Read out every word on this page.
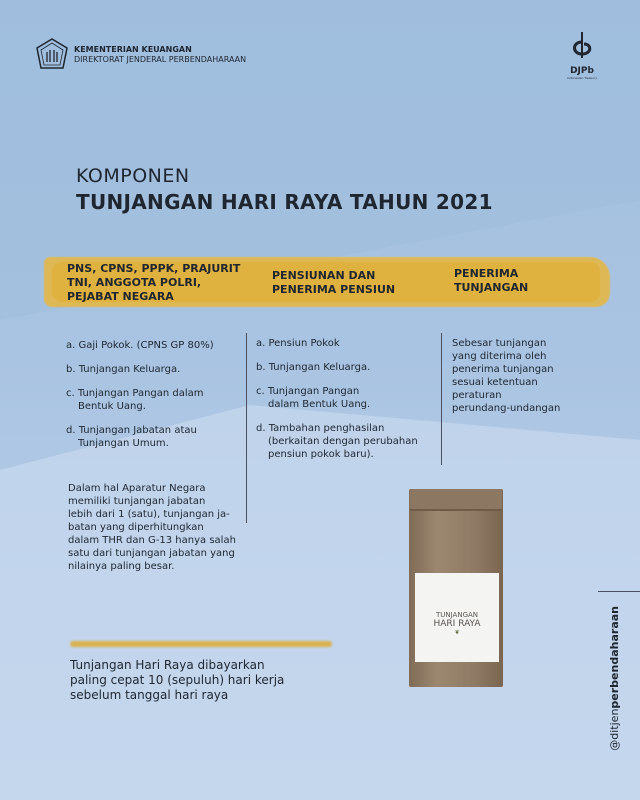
KEMENTERIAN KEUANGAN
DIREKTORAT JENDERAL PERBENDAHARAAN
DJPb
Indonesian Treasury
KOMPONEN
TUNJANGAN HARI RAYA TAHUN 2021
PNS, CPNS, PPPK, PRAJURIT
TNI, ANGGOTA POLRI,
PEJABAT NEGARA
PENSIUNAN DAN
PENERIMA PENSIUN
PENERIMA
TUNJANGAN
a. Gaji Pokok. (CPNS GP 80%)
b. Tunjangan Keluarga.
c. Tunjangan Pangan dalam
Bentuk Uang.
d. Tunjangan Jabatan atau
Tunjangan Umum.
a. Pensiun Pokok
b. Tunjangan Keluarga.
c. Tunjangan Pangan
dalam Bentuk Uang.
d. Tambahan penghasilan
(berkaitan dengan perubahan
pensiun pokok baru).
Sebesar tunjangan
yang diterima oleh
penerima tunjangan
sesuai ketentuan
peraturan
perundang-undangan
Dalam hal Aparatur Negara
memiliki tunjangan jabatan
lebih dari 1 (satu), tunjangan ja-
batan yang diperhitungkan
dalam THR dan G-13 hanya salah
satu dari tunjangan jabatan yang
nilainya paling besar.
Tunjangan Hari Raya dibayarkan
paling cepat 10 (sepuluh) hari kerja
sebelum tanggal hari raya
TUNJANGAN
HARI RAYA
❦
@ditjenperbendaharaan
